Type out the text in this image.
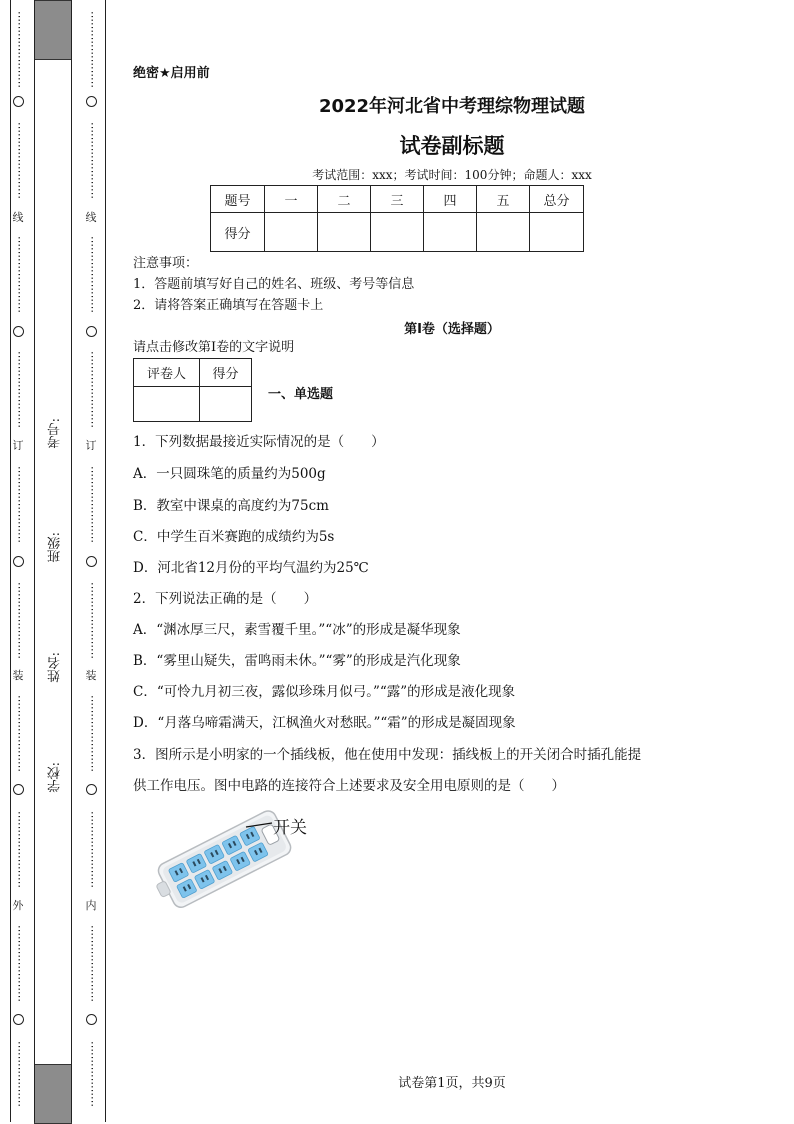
⋯⋯⋯⋯⋯⋯⋯
⋯⋯⋯⋯⋯⋯⋯
线
⋯⋯⋯⋯⋯⋯⋯
⋯⋯⋯⋯⋯⋯⋯
订
⋯⋯⋯⋯⋯⋯⋯
⋯⋯⋯⋯⋯⋯⋯
装
⋯⋯⋯⋯⋯⋯⋯
⋯⋯⋯⋯⋯⋯⋯
外
⋯⋯⋯⋯⋯⋯⋯
⋯⋯⋯⋯⋯⋯
⋯⋯⋯⋯⋯⋯⋯
⋯⋯⋯⋯⋯⋯⋯
线
⋯⋯⋯⋯⋯⋯⋯
⋯⋯⋯⋯⋯⋯⋯
订
⋯⋯⋯⋯⋯⋯⋯
⋯⋯⋯⋯⋯⋯⋯
装
⋯⋯⋯⋯⋯⋯⋯
⋯⋯⋯⋯⋯⋯⋯
内
⋯⋯⋯⋯⋯⋯⋯
⋯⋯⋯⋯⋯⋯
考号:
班级:
姓名:
学校:
绝密★启用前
2022年河北省中考理综物理试题
试卷副标题
考试范围：xxx；考试时间：100分钟；命题人：xxx
题号	一	二	三	四	五	总分
得分						
注意事项：
1．答题前填写好自己的姓名、班级、考号等信息
2．请将答案正确填写在答题卡上
第I卷（选择题）
请点击修改第I卷的文字说明
评卷人	得分

一、单选题
1．下列数据最接近实际情况的是（　　）
A．一只圆珠笔的质量约为500g
B．教室中课桌的高度约为75cm
C．中学生百米赛跑的成绩约为5s
D．河北省12月份的平均气温约为25℃
2．下列说法正确的是（　　）
A．“渊冰厚三尺，素雪覆千里。”“冰”的形成是凝华现象
B．“雾里山疑失，雷鸣雨未休。”“雾”的形成是汽化现象
C．“可怜九月初三夜，露似珍珠月似弓。”“露”的形成是液化现象
D．“月落乌啼霜满天，江枫渔火对愁眠。”“霜”的形成是凝固现象
3．图所示是小明家的一个插线板，他在使用中发现：插线板上的开关闭合时插孔能提
供工作电压。图中电路的连接符合上述要求及安全用电原则的是（　　）
开关
试卷第1页，共9页
